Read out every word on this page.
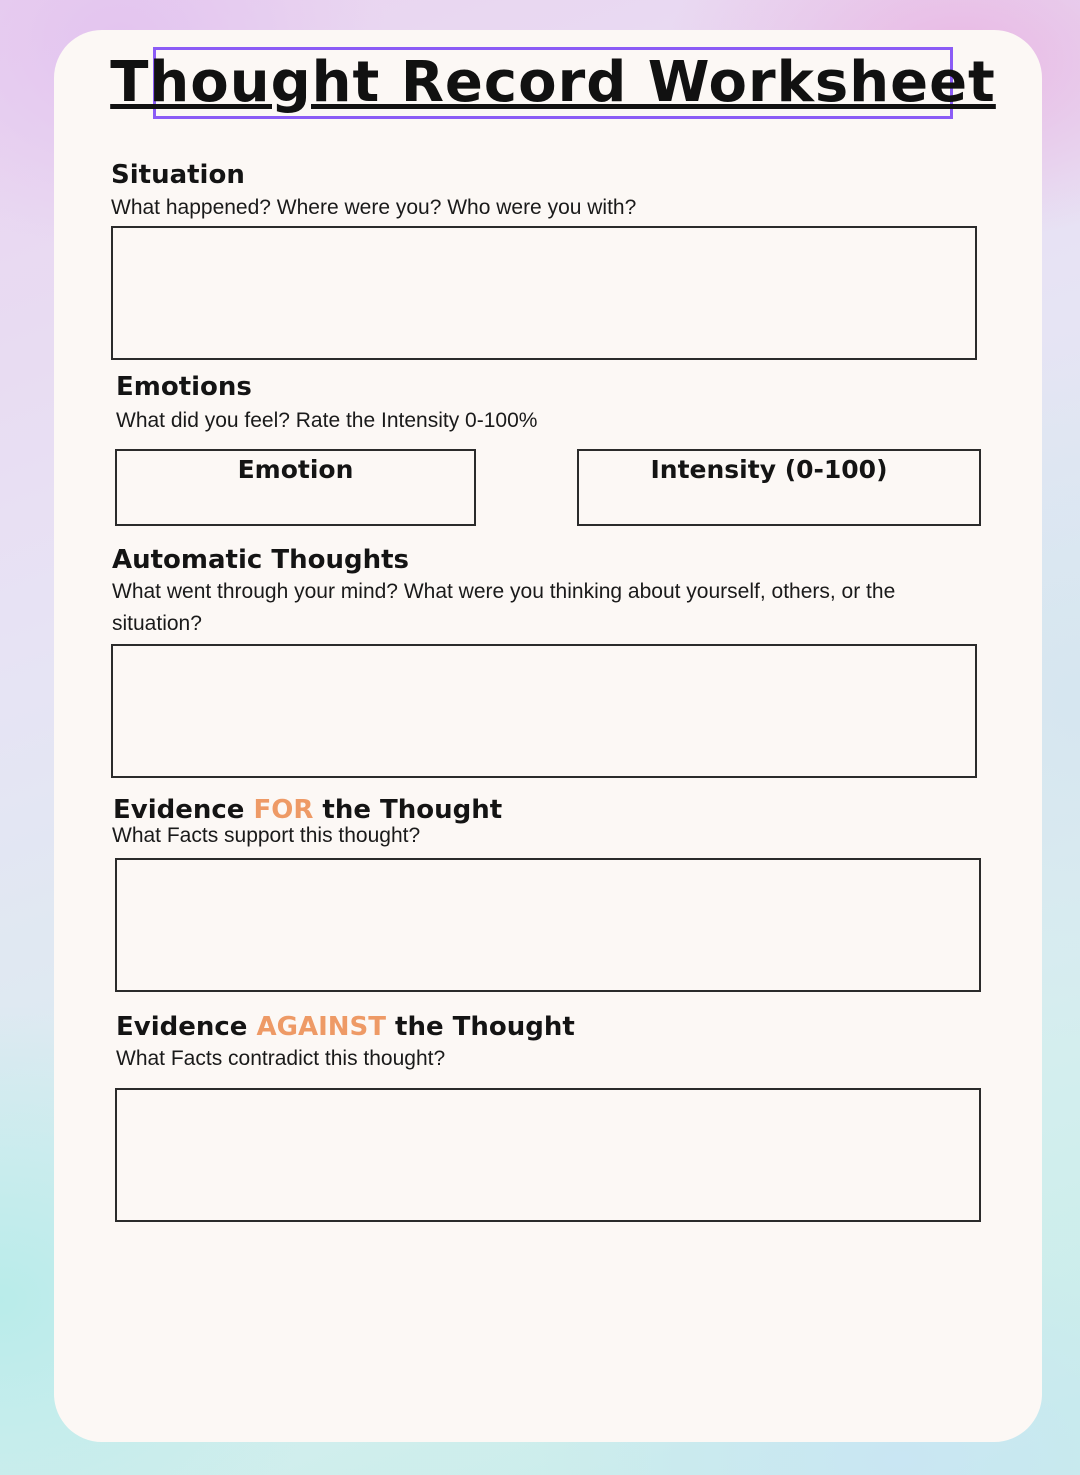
Thought Record Worksheet
Situation
What happened? Where were you? Who were you with?
Emotions
What did you feel? Rate the Intensity 0-100%
Emotion	Intensity (0-100)
Automatic Thoughts
What went through your mind? What were you thinking about yourself, others, or the situation?
Evidence FOR the Thought
What Facts support this thought?
Evidence AGAINST the Thought
What Facts contradict this thought?
